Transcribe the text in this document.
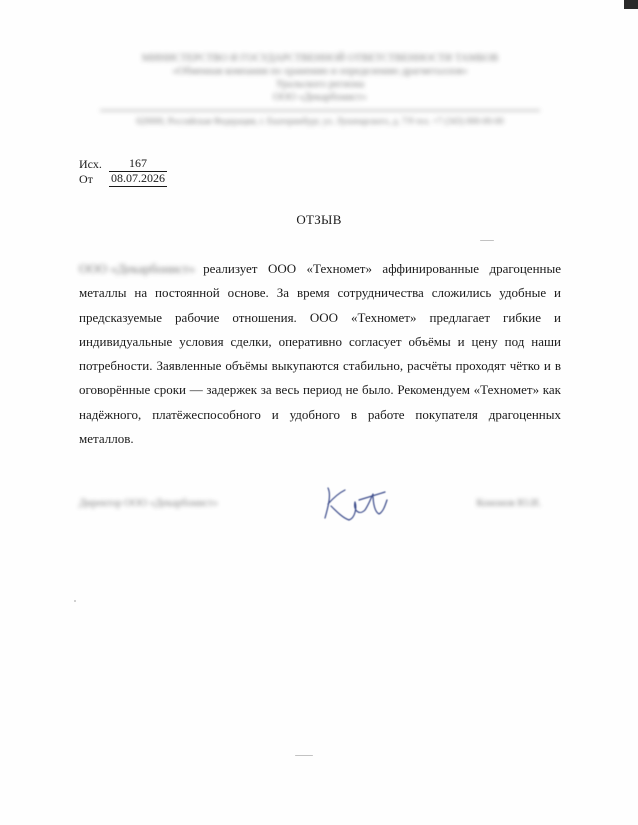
МИНИСТЕРСТВО И ГОСУДАРСТВЕННОЙ ОТВЕТСТВЕННОСТИ ТАМБОВ
«Обменная компания по хранению и определению драгметаллов»
Уральского региона
ООО «Декарбонист»
620000, Российская Федерация, г. Екатеринбург, ул. Луначарского, д. 7/9 тел. +7 (343) 000-00-00
Исх.	167
От	08.07.2026
ОТЗЫВ
ООО «Декарбонист» реализует ООО «Техномет» аффинированные драгоценные металлы на постоянной основе. За время сотрудничества сложились удобные и предсказуемые рабочие отношения. ООО «Техномет» предлагает гибкие и индивидуальные условия сделки, оперативно согласует объёмы и цену под наши потребности. Заявленные объёмы выкупаются стабильно, расчёты проходят чётко и в оговорённые сроки — задержек за весь период не было. Рекомендуем «Техномет» как надёжного, платёжеспособного и удобного в работе покупателя драгоценных металлов.
Директор ООО «Декарбонист»	Кононов Ю.И.
